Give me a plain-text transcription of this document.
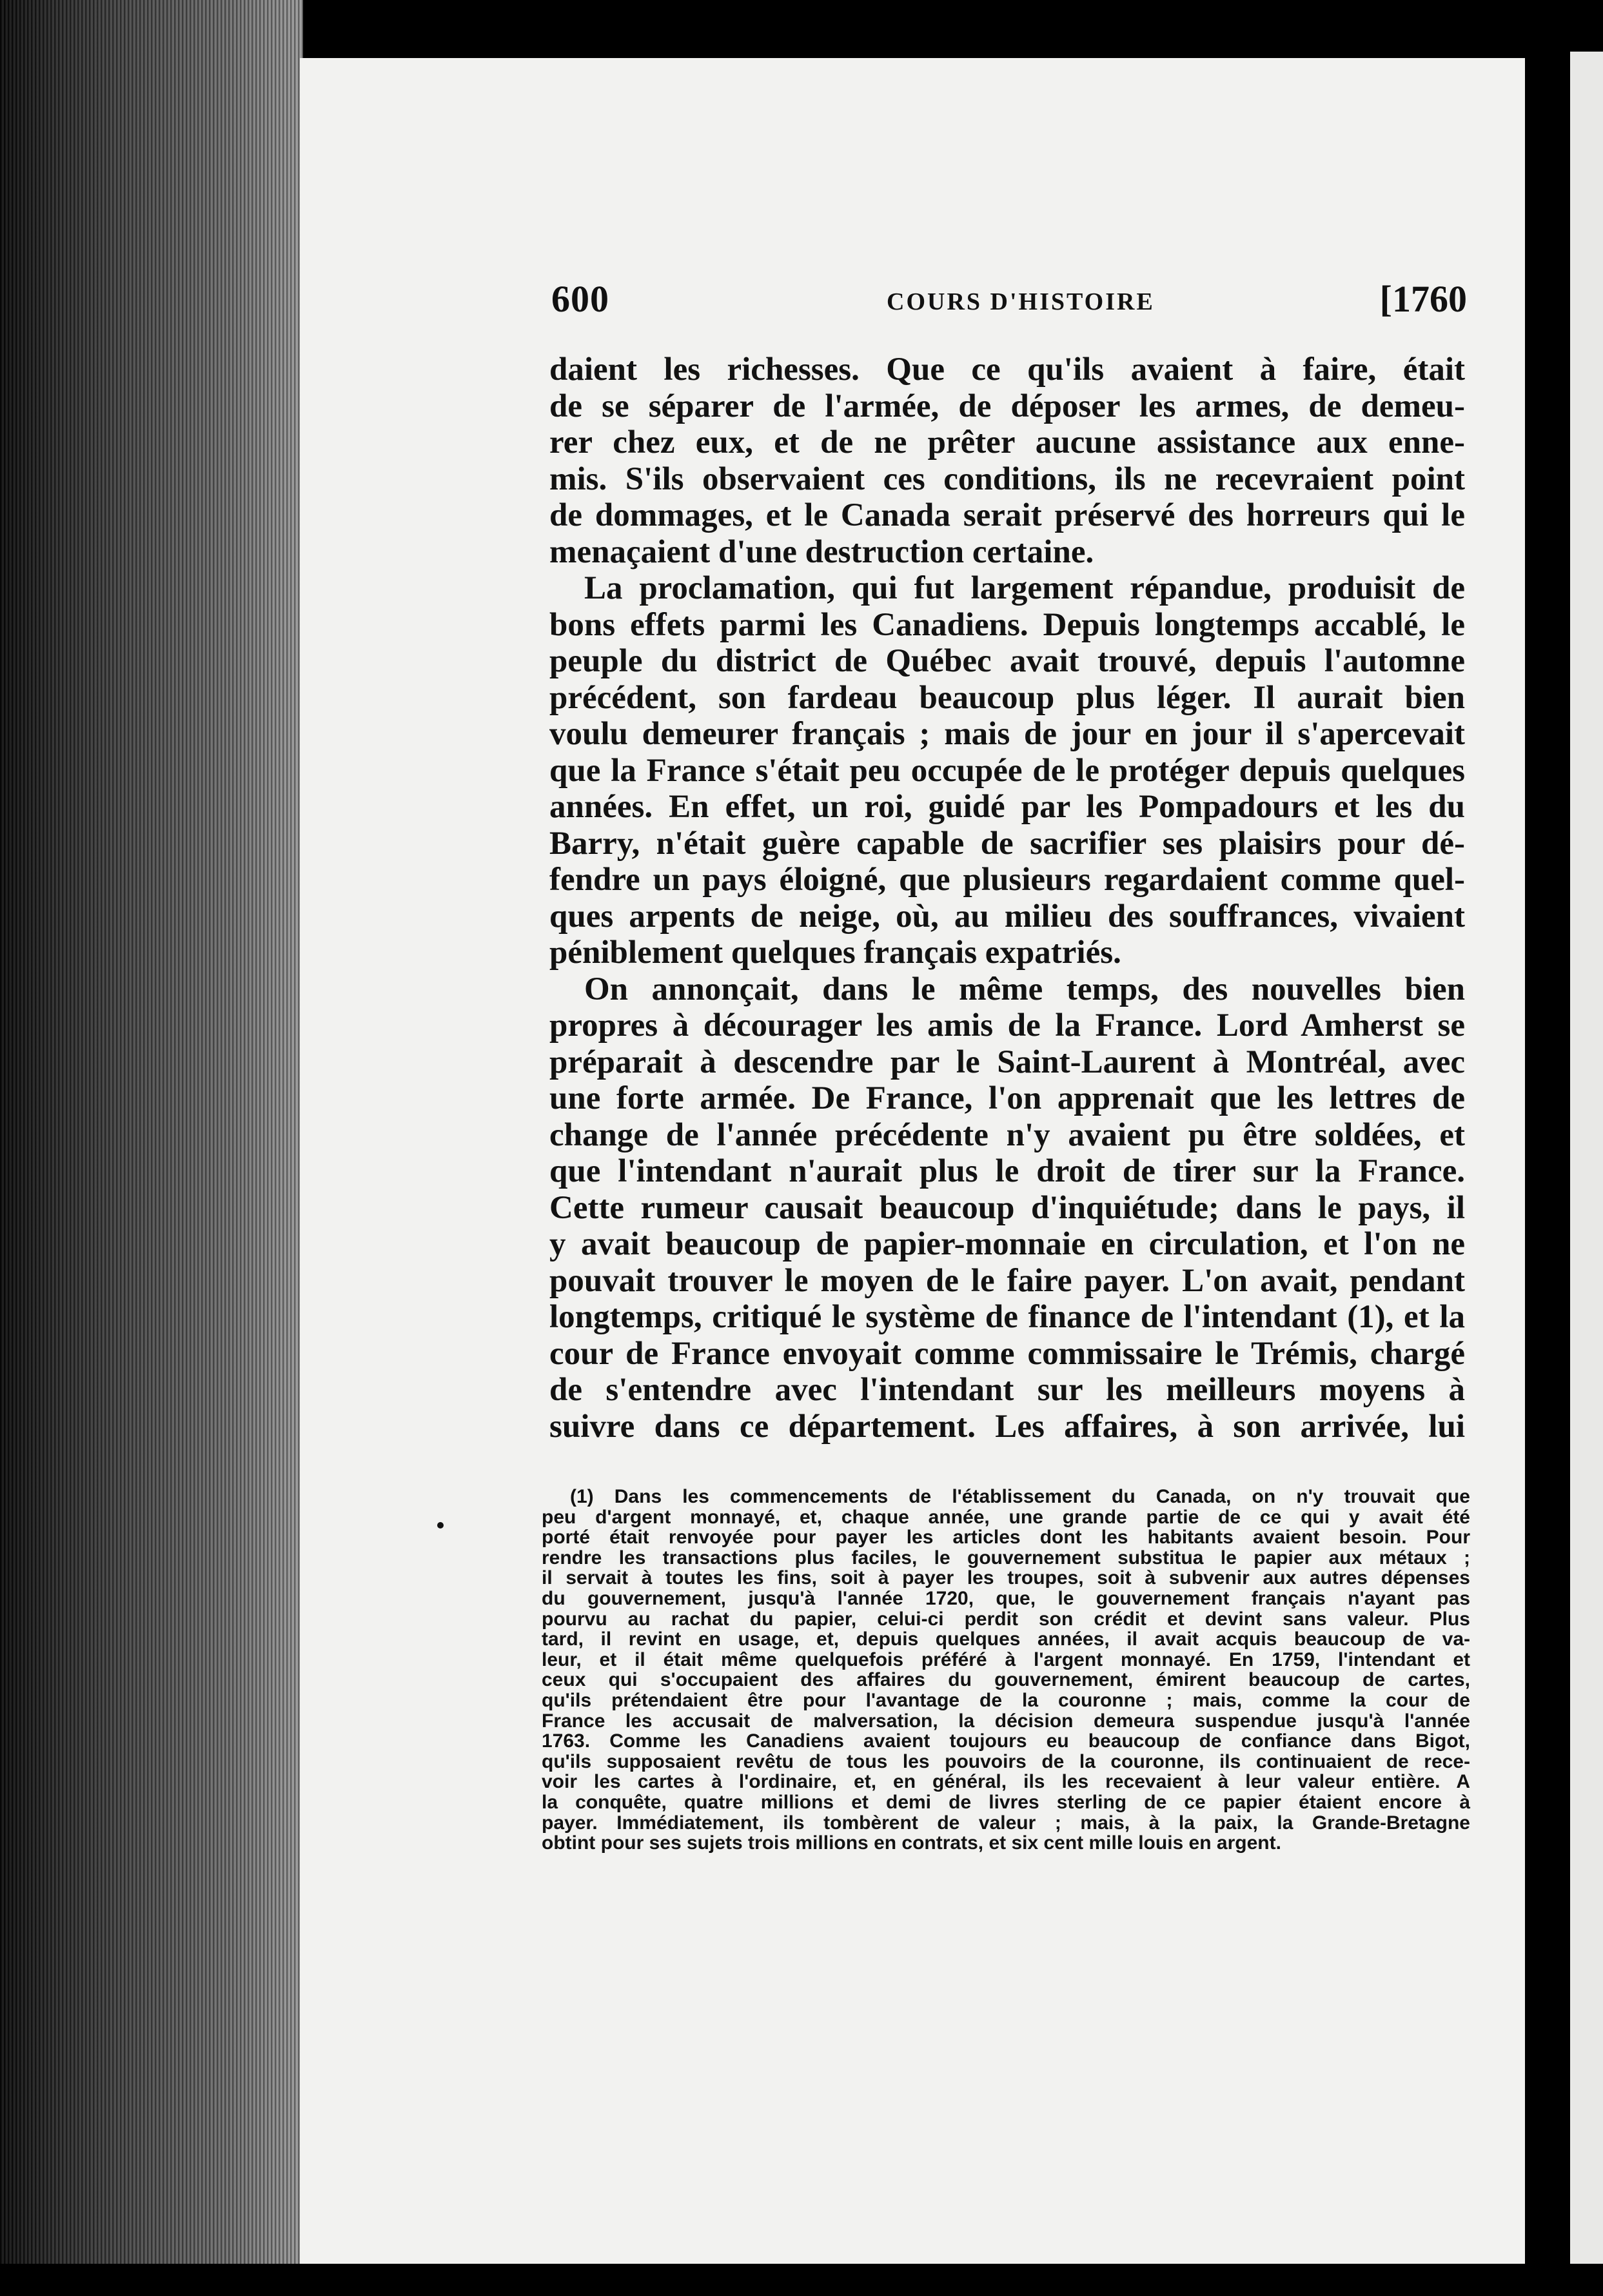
600	COURS D'HISTOIRE	[1760
daient les richesses. Que ce qu'ils avaient à faire, était
de se séparer de l'armée, de déposer les armes, de demeu-
rer chez eux, et de ne prêter aucune assistance aux enne-
mis. S'ils observaient ces conditions, ils ne recevraient point
de dommages, et le Canada serait préservé des horreurs qui le
menaçaient d'une destruction certaine.
La proclamation, qui fut largement répandue, produisit de
bons effets parmi les Canadiens. Depuis longtemps accablé, le
peuple du district de Québec avait trouvé, depuis l'automne
précédent, son fardeau beaucoup plus léger. Il aurait bien
voulu demeurer français ; mais de jour en jour il s'apercevait
que la France s'était peu occupée de le protéger depuis quelques
années. En effet, un roi, guidé par les Pompadours et les du
Barry, n'était guère capable de sacrifier ses plaisirs pour dé-
fendre un pays éloigné, que plusieurs regardaient comme quel-
ques arpents de neige, où, au milieu des souffrances, vivaient
péniblement quelques français expatriés.
On annonçait, dans le même temps, des nouvelles bien
propres à décourager les amis de la France. Lord Amherst se
préparait à descendre par le Saint-Laurent à Montréal, avec
une forte armée. De France, l'on apprenait que les lettres de
change de l'année précédente n'y avaient pu être soldées, et
que l'intendant n'aurait plus le droit de tirer sur la France.
Cette rumeur causait beaucoup d'inquiétude; dans le pays, il
y avait beaucoup de papier-monnaie en circulation, et l'on ne
pouvait trouver le moyen de le faire payer. L'on avait, pendant
longtemps, critiqué le système de finance de l'intendant (1), et la
cour de France envoyait comme commissaire le Trémis, chargé
de s'entendre avec l'intendant sur les meilleurs moyens à
suivre dans ce département. Les affaires, à son arrivée, lui
(1) Dans les commencements de l'établissement du Canada, on n'y trouvait que
peu d'argent monnayé, et, chaque année, une grande partie de ce qui y avait été
porté était renvoyée pour payer les articles dont les habitants avaient besoin. Pour
rendre les transactions plus faciles, le gouvernement substitua le papier aux métaux ;
il servait à toutes les fins, soit à payer les troupes, soit à subvenir aux autres dépenses
du gouvernement, jusqu'à l'année 1720, que, le gouvernement français n'ayant pas
pourvu au rachat du papier, celui-ci perdit son crédit et devint sans valeur. Plus
tard, il revint en usage, et, depuis quelques années, il avait acquis beaucoup de va-
leur, et il était même quelquefois préféré à l'argent monnayé. En 1759, l'intendant et
ceux qui s'occupaient des affaires du gouvernement, émirent beaucoup de cartes,
qu'ils prétendaient être pour l'avantage de la couronne ; mais, comme la cour de
France les accusait de malversation, la décision demeura suspendue jusqu'à l'année
1763. Comme les Canadiens avaient toujours eu beaucoup de confiance dans Bigot,
qu'ils supposaient revêtu de tous les pouvoirs de la couronne, ils continuaient de rece-
voir les cartes à l'ordinaire, et, en général, ils les recevaient à leur valeur entière. A
la conquête, quatre millions et demi de livres sterling de ce papier étaient encore à
payer. Immédiatement, ils tombèrent de valeur ; mais, à la paix, la Grande-Bretagne
obtint pour ses sujets trois millions en contrats, et six cent mille louis en argent.
